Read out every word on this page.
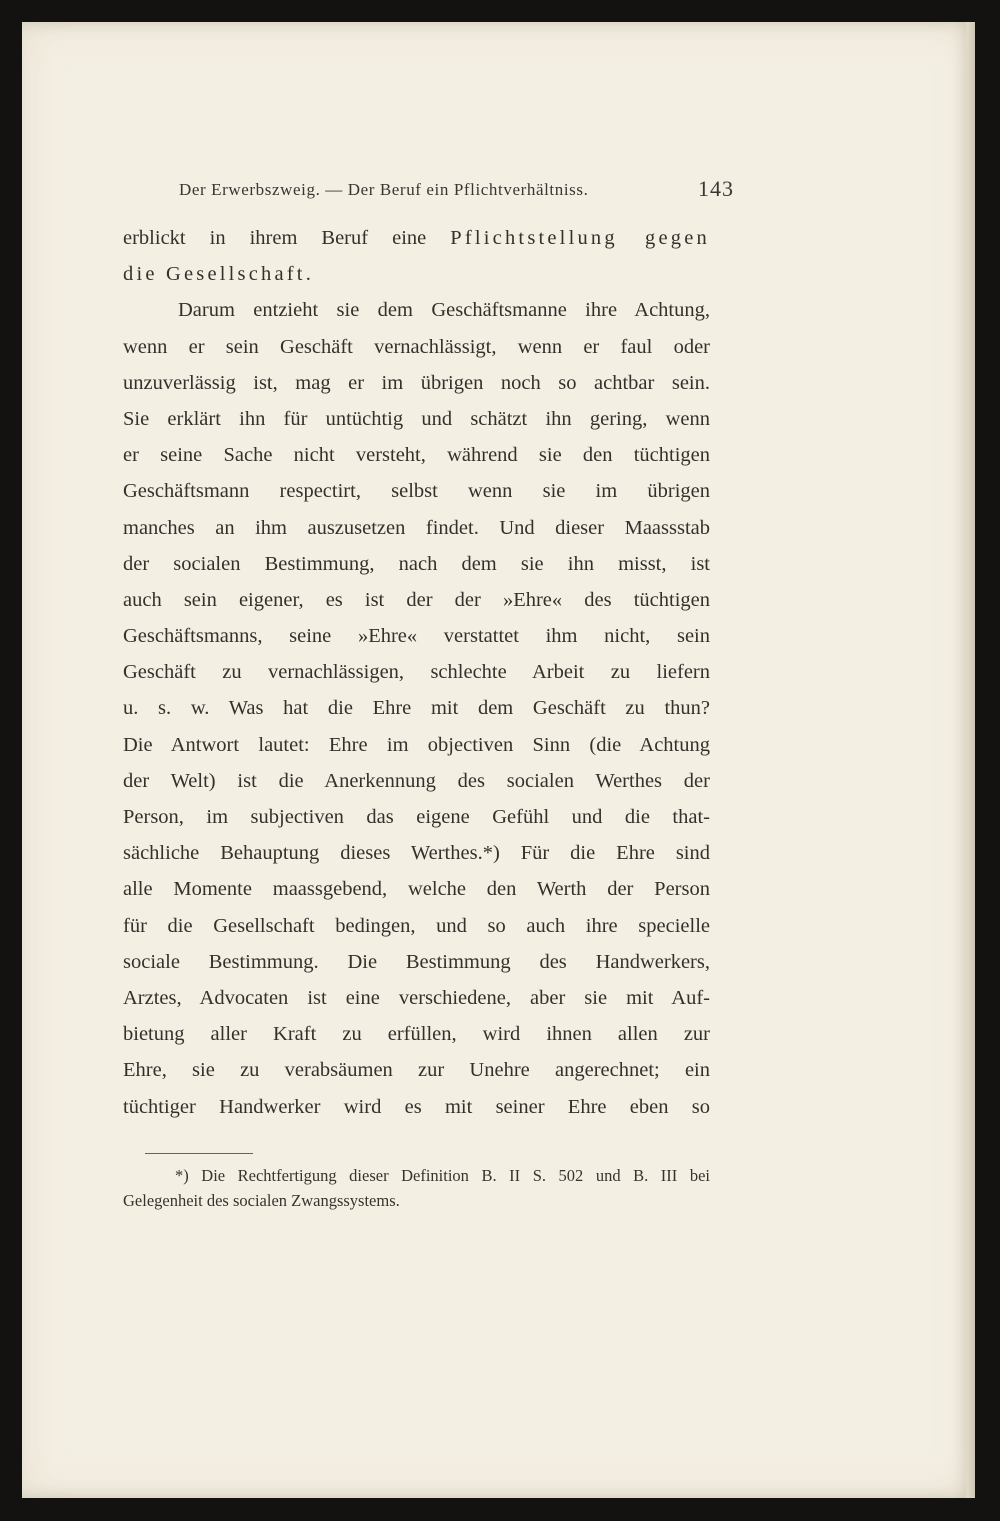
Der Erwerbszweig. — Der Beruf ein Pflichtverhältniss.	143
erblickt in ihrem Beruf eine Pflichtstellung gegen
die Gesellschaft.
Darum entzieht sie dem Geschäftsmanne ihre Achtung,
wenn er sein Geschäft vernachlässigt, wenn er faul oder
unzuverlässig ist, mag er im übrigen noch so achtbar sein.
Sie erklärt ihn für untüchtig und schätzt ihn gering, wenn
er seine Sache nicht versteht, während sie den tüchtigen
Geschäftsmann respectirt, selbst wenn sie im übrigen
manches an ihm auszusetzen findet. Und dieser Maassstab
der socialen Bestimmung, nach dem sie ihn misst, ist
auch sein eigener, es ist der der »Ehre« des tüchtigen
Geschäftsmanns, seine »Ehre« verstattet ihm nicht, sein
Geschäft zu vernachlässigen, schlechte Arbeit zu liefern
u. s. w. Was hat die Ehre mit dem Geschäft zu thun?
Die Antwort lautet: Ehre im objectiven Sinn (die Achtung
der Welt) ist die Anerkennung des socialen Werthes der
Person, im subjectiven das eigene Gefühl und die that-
sächliche Behauptung dieses Werthes.*) Für die Ehre sind
alle Momente maassgebend, welche den Werth der Person
für die Gesellschaft bedingen, und so auch ihre specielle
sociale Bestimmung. Die Bestimmung des Handwerkers,
Arztes, Advocaten ist eine verschiedene, aber sie mit Auf-
bietung aller Kraft zu erfüllen, wird ihnen allen zur
Ehre, sie zu verabsäumen zur Unehre angerechnet; ein
tüchtiger Handwerker wird es mit seiner Ehre eben so
*) Die Rechtfertigung dieser Definition B. II S. 502 und B. III bei
Gelegenheit des socialen Zwangssystems.
